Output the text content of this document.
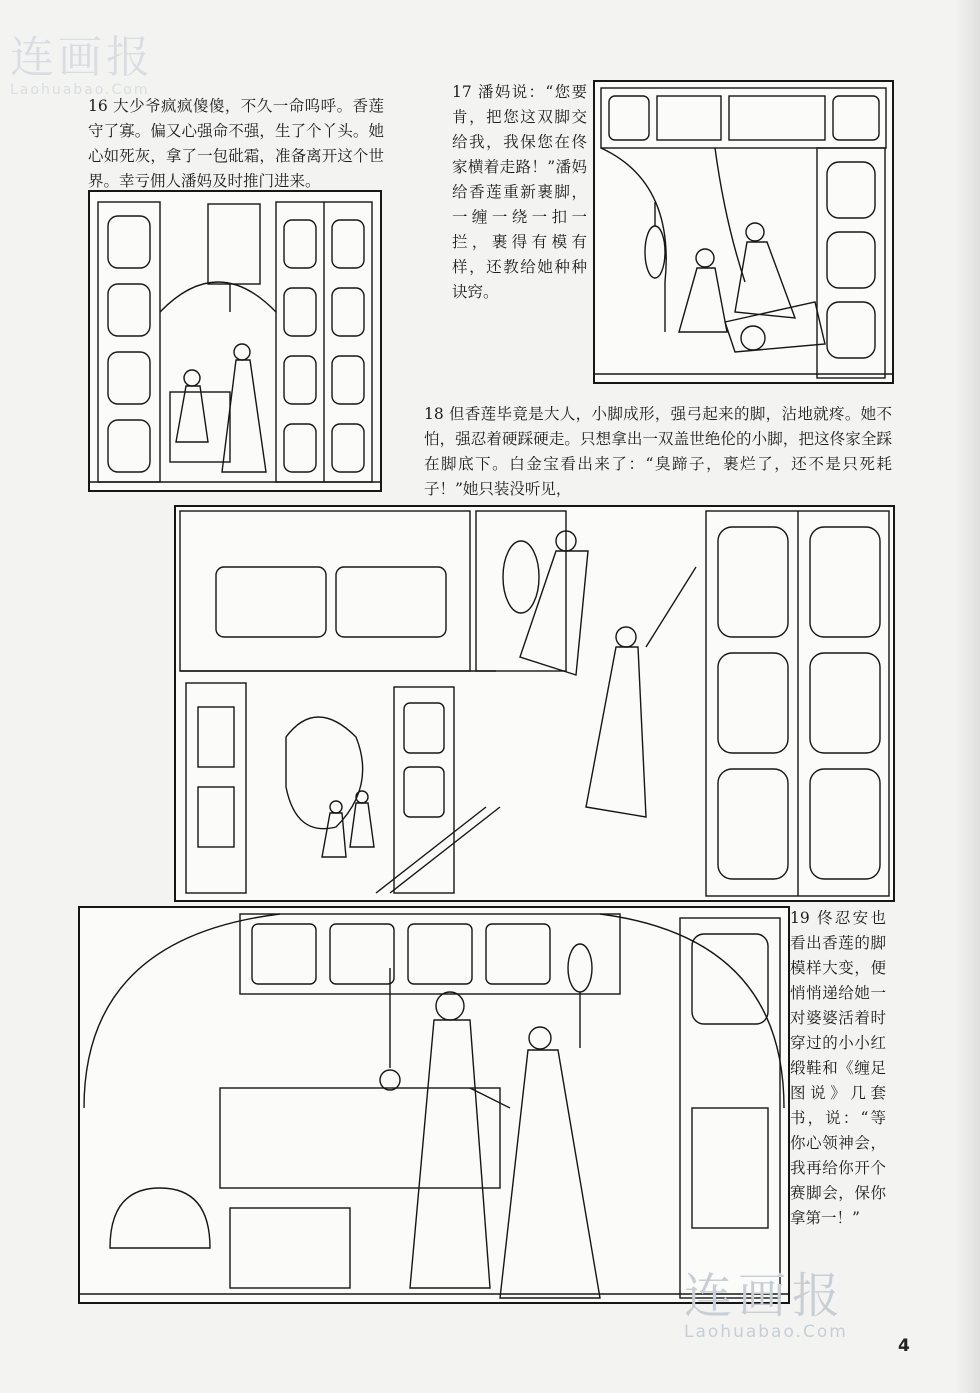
连画报
Laohuabao.Com

16 大少爷疯疯傻傻，不久一命呜呼。香莲守了寡。偏又心强命不强，生了个丫头。她心如死灰，拿了一包砒霜，准备离开这个世界。幸亏佣人潘妈及时推门进来。

17 潘妈说：“您要肯，把您这双脚交给我，我保您在佟家横着走路！”潘妈给香莲重新裹脚，一缠一绕一扣一拦，裹得有模有样，还教给她种种诀窍。

18 但香莲毕竟是大人，小脚成形，强弓起来的脚，沾地就疼。她不怕，强忍着硬踩硬走。只想拿出一双盖世绝伦的小脚，把这佟家全踩在脚底下。白金宝看出来了：“臭蹄子，裹烂了，还不是只死耗子！”她只装没听见，

19 佟忍安也看出香莲的脚模样大变，便悄悄递给她一对婆婆活着时穿过的小小红缎鞋和《缠足图说》几套书，说：“等你心领神会，我再给你开个赛脚会，保你拿第一！”

连画报
Laohuabao.Com
4
